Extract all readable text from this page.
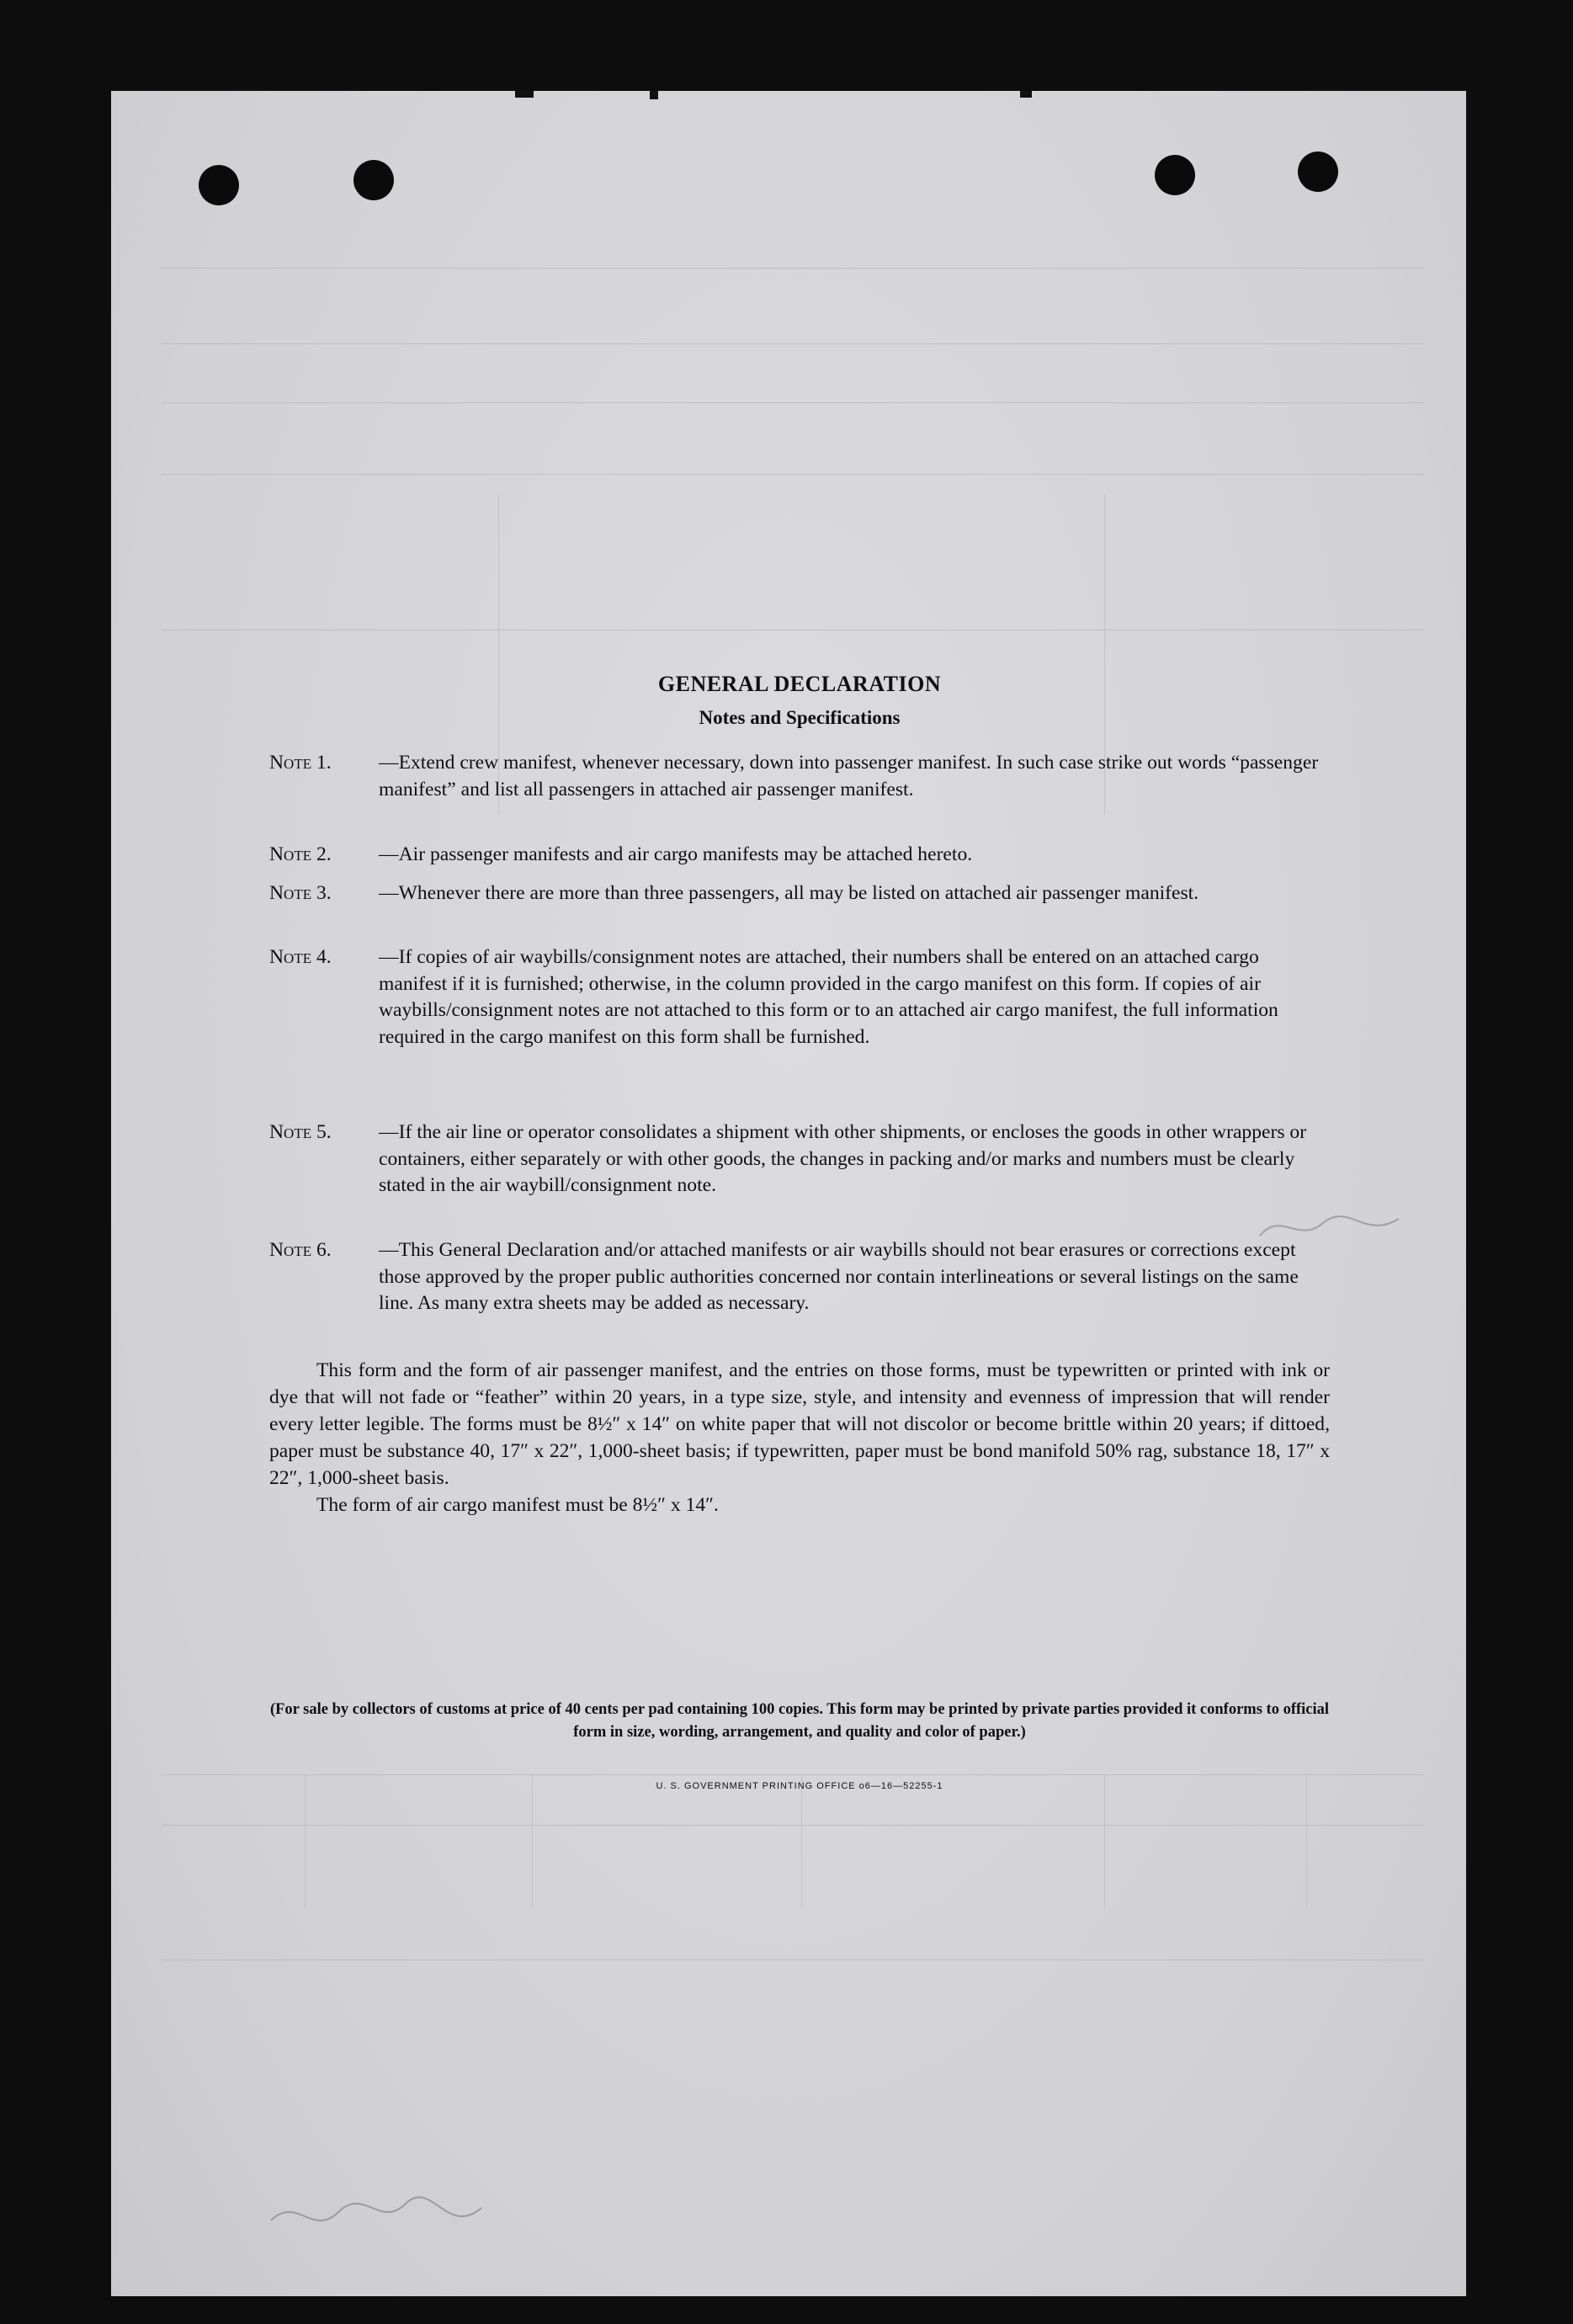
GENERAL DECLARATION
Notes and Specifications
Note 1. —Extend crew manifest, whenever necessary, down into passenger manifest. In such case strike out words “passenger manifest” and list all passengers in attached air passenger manifest.
Note 2. —Air passenger manifests and air cargo manifests may be attached hereto.
Note 3. —Whenever there are more than three passengers, all may be listed on attached air passenger manifest.
Note 4. —If copies of air waybills/consignment notes are attached, their numbers shall be entered on an attached cargo manifest if it is furnished; otherwise, in the column provided in the cargo manifest on this form. If copies of air waybills/consignment notes are not attached to this form or to an attached air cargo manifest, the full information required in the cargo manifest on this form shall be furnished.
Note 5. —If the air line or operator consolidates a shipment with other shipments, or encloses the goods in other wrappers or containers, either separately or with other goods, the changes in packing and/or marks and numbers must be clearly stated in the air waybill/consignment note.
Note 6. —This General Declaration and/or attached manifests or air waybills should not bear erasures or corrections except those approved by the proper public authorities concerned nor contain interlineations or several listings on the same line. As many extra sheets may be added as necessary.

This form and the form of air passenger manifest, and the entries on those forms, must be typewritten or printed with ink or dye that will not fade or “feather” within 20 years, in a type size, style, and intensity and evenness of impression that will render every letter legible. The forms must be 8½″ x 14″ on white paper that will not discolor or become brittle within 20 years; if dittoed, paper must be substance 40, 17″ x 22″, 1,000-sheet basis; if typewritten, paper must be bond manifold 50% rag, substance 18, 17″ x 22″, 1,000-sheet basis.

The form of air cargo manifest must be 8½″ x 14″.

(For sale by collectors of customs at price of 40 cents per pad containing 100 copies. This form may be printed by private parties provided it conforms to official form in size, wording, arrangement, and quality and color of paper.)
U. S. GOVERNMENT PRINTING OFFICE o6—16—52255-1
